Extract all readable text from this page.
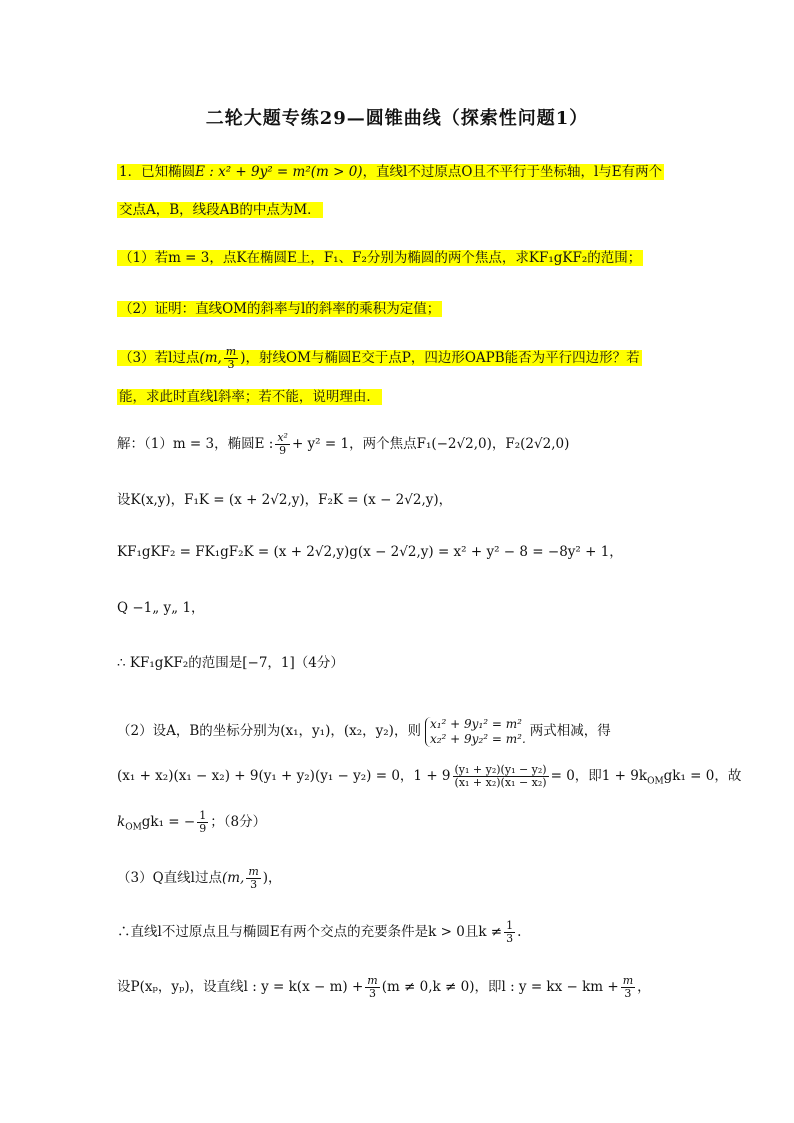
二轮大题专练29—圆锥曲线（探索性问题1）
1．已知椭圆E : x² + 9y² = m²(m > 0)，直线l不过原点O且不平行于坐标轴，l与E有两个
交点A，B，线段AB的中点为M．
（1）若m = 3，点K在椭圆E上，F₁、F₂分别为椭圆的两个焦点，求KF₁gKF₂的范围；
（2）证明：直线OM的斜率与l的斜率的乘积为定值；
（3）若l过点(m, $\frac{m}{3}$ )，射线OM与椭圆E交于点P，四边形OAPB能否为平行四边形？若
能，求此时直线l斜率；若不能，说明理由．
解：（1）m = 3，椭圆E : $\frac{\text{x²}}{9} + y^2 = 1$，两个焦点F₁(−2√2,0)，F₂(2√2,0)
设K(x,y)，F₁K = (x + 2√2,y)，F₂K = (x − 2√2,y)，
KF₁gKF₂ = FK₁gF₂K = (x + 2√2,y)g(x − 2√2,y) = x² + y² − 8 = −8y² + 1，
Q −1„ y„ 1，
∴ KF₁gKF₂的范围是[−7，1]（4分）
（2）设A，B的坐标分别为(x₁，y₁)，(x₂，y₂)，则 x₁² + 9y₁² = m²
x₂² + 9y₂² = m². 两式相减，得
(x₁ + x₂)(x₁ − x₂) + 9(y₁ + y₂)(y₁ − y₂) = 0，$1 + 9 \frac{\text{(y₁ + y₂)(y₁ − y₂)}}{\text{(x₁ + x₂)(x₁ − x₂)}} = 0$，即$1 + 9k_{OM}gk_1 = 0$，故
$k_{OM}gk_1$ = − $\frac{1}{9}$ ；（8分）
（3）Q直线l过点(m, $\frac{m}{3}$ )，
∴直线l不过原点且与椭圆E有两个交点的充要条件是k > 0且$k \ne \frac{1}{3}$ .
设P(xₚ，yₚ)，设直线l : $y = k(x - m) + \frac{m}{3} (m \ne 0,k \ne 0)$，即l : y = kx − km + $\frac{m}{3}$ ，
